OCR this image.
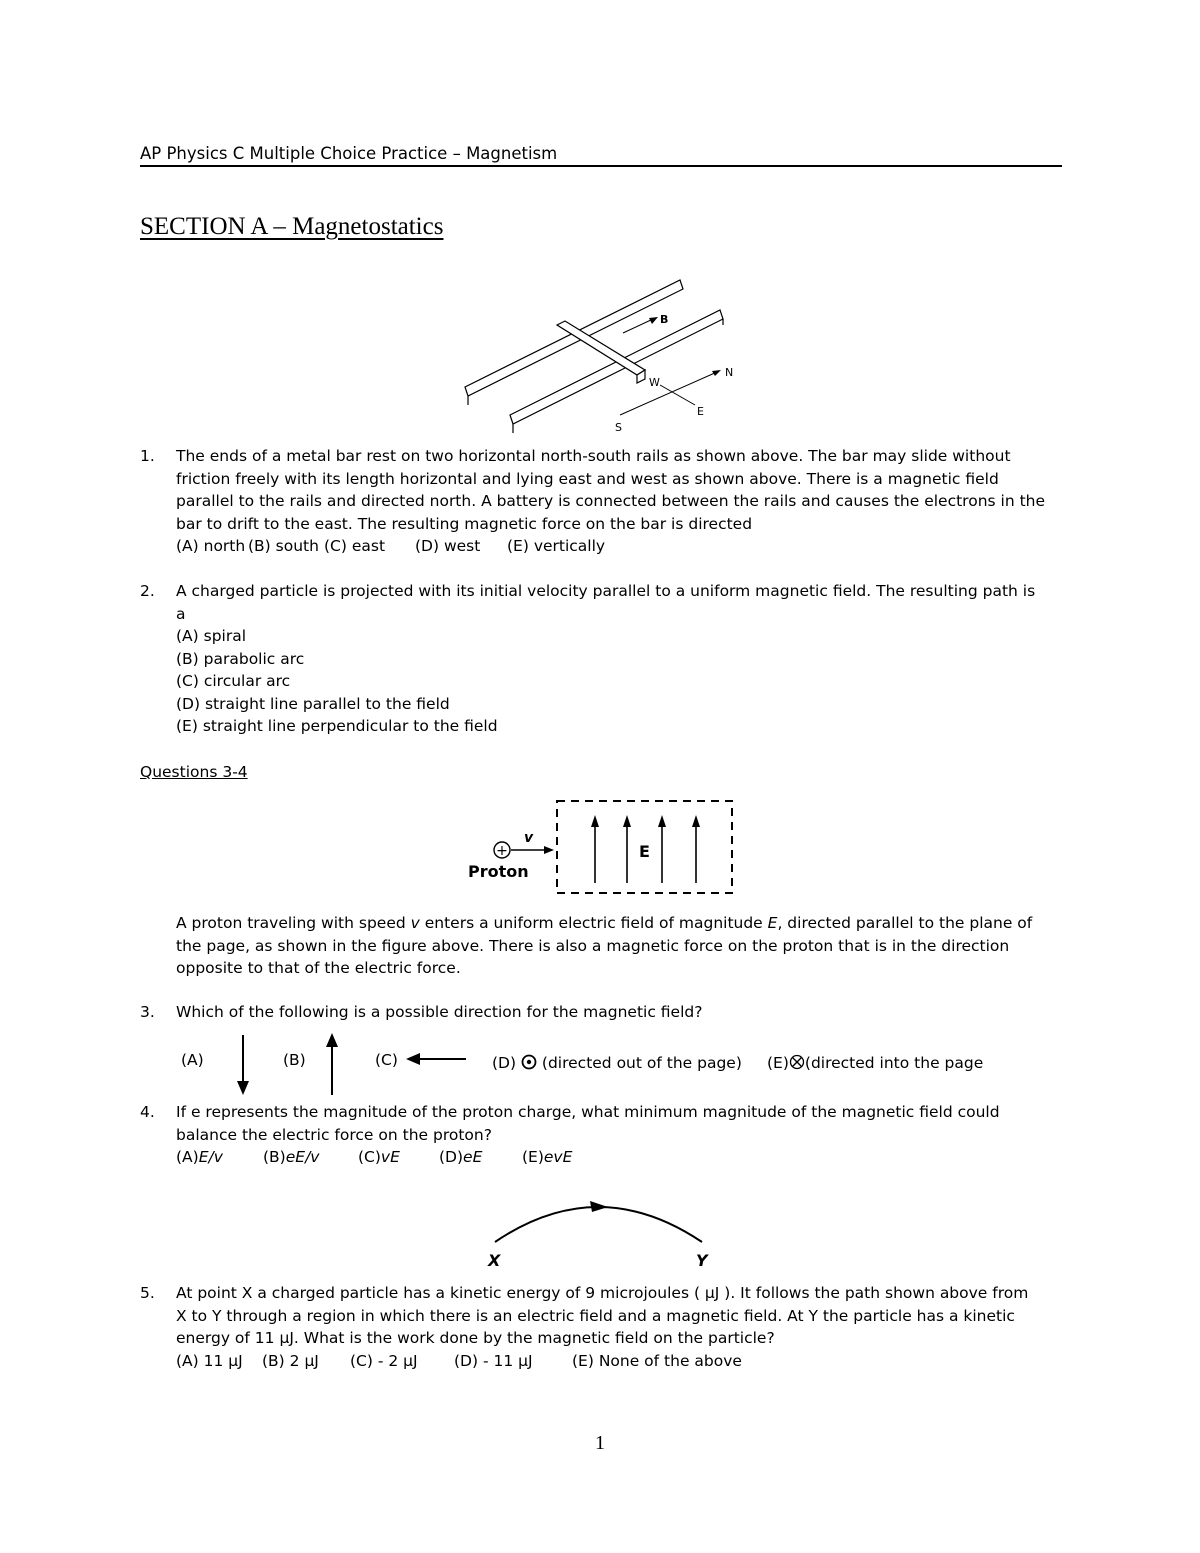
AP Physics C Multiple Choice Practice – Magnetism
SECTION A – Magnetostatics
B
N
S
W
E
1.	The ends of a metal bar rest on two horizontal north-south rails as shown above. The bar may slide without

friction freely with its length horizontal and lying east and west as shown above. There is a magnetic field

parallel to the rails and directed north. A battery is connected between the rails and causes the electrons in the

bar to drift to the east. The resulting magnetic force on the bar is directed

(A) north (B) south (C) east (D) west (E) vertically

2.	A charged particle is projected with its initial velocity parallel to a uniform magnetic field. The resulting path is

a

(A) spiral

(B) parabolic arc

(C) circular arc

(D) straight line parallel to the field

(E) straight line perpendicular to the field

Questions 3-4
E
+
v
Proton

A proton traveling with speed v enters a uniform electric field of magnitude E, directed parallel to the plane of

the page, as shown in the figure above. There is also a magnetic force on the proton that is in the direction

opposite to that of the electric force.

3.	Which of the following is a possible direction for the magnetic field?
(A)	(B)	(C)	(D) (directed out of the page) (E) (directed into the page
4.	If e represents the magnitude of the proton charge, what minimum magnitude of the magnetic field could

balance the electric force on the proton?

(A)E/v	(B)eE/v (C)vE	(D)eE	(E)evE

X	Y
5.	At point X a charged particle has a kinetic energy of 9 microjoules ( μJ ). It follows the path shown above from

X to Y through a region in which there is an electric field and a magnetic field. At Y the particle has a kinetic

energy of 11 μJ. What is the work done by the magnetic field on the particle?

(A) 11 μJ (B) 2 μJ (C) - 2 μJ (D) - 11 μJ	(E) None of the above

1
